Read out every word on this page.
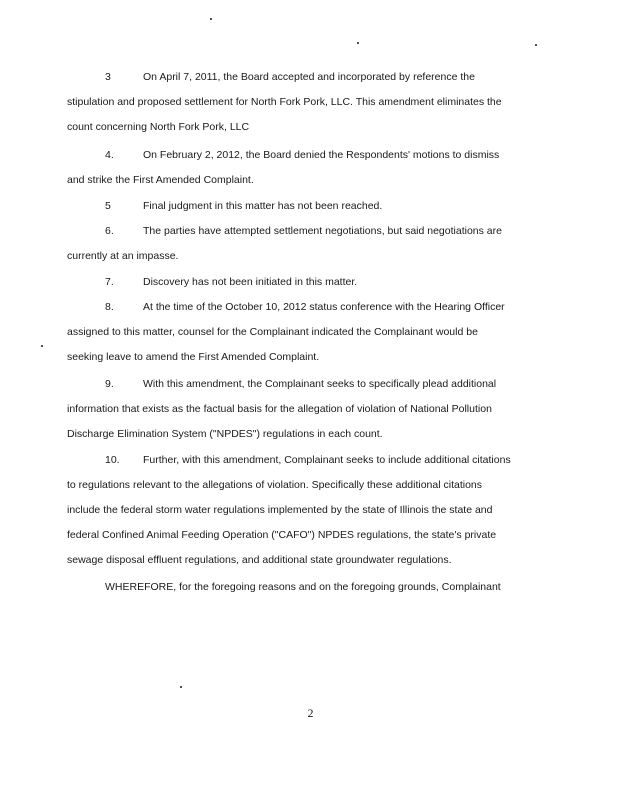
3	On April 7, 2011, the Board accepted and incorporated by reference the
stipulation and proposed settlement for North Fork Pork, LLC. This amendment eliminates the
count concerning North Fork Pork, LLC

4.	On February 2, 2012, the Board denied the Respondents' motions to dismiss
and strike the First Amended Complaint.

5	Final judgment in this matter has not been reached.

6.	The parties have attempted settlement negotiations, but said negotiations are
currently at an impasse.

7.	Discovery has not been initiated in this matter.

8.	At the time of the October 10, 2012 status conference with the Hearing Officer
assigned to this matter, counsel for the Complainant indicated the Complainant would be
seeking leave to amend the First Amended Complaint.

9.	With this amendment, the Complainant seeks to specifically plead additional
information that exists as the factual basis for the allegation of violation of National Pollution
Discharge Elimination System ("NPDES") regulations in each count.

10. Further, with this amendment, Complainant seeks to include additional citations
to regulations relevant to the allegations of violation. Specifically these additional citations
include the federal storm water regulations implemented by the state of Illinois the state and
federal Confined Animal Feeding Operation ("CAFO") NPDES regulations, the state's private
sewage disposal effluent regulations, and additional state groundwater regulations.

WHEREFORE, for the foregoing reasons and on the foregoing grounds, Complainant

2
